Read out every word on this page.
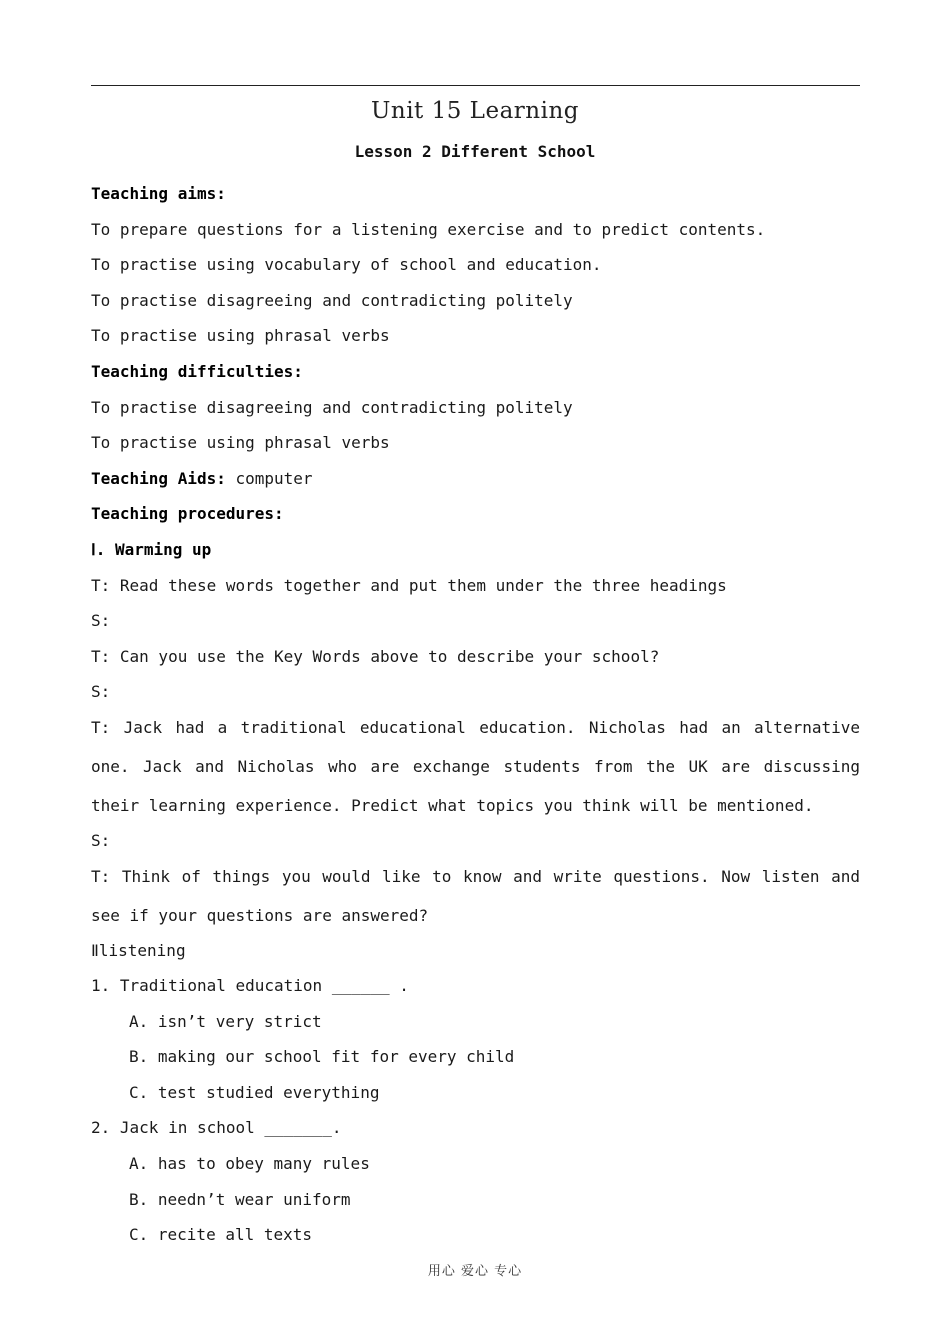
Unit 15 Learning
Lesson 2 Different School
Teaching aims:
To prepare questions for a listening exercise and to predict contents.
To practise using vocabulary of school and education.
To practise disagreeing and contradicting politely
To practise using phrasal verbs
Teaching difficulties:
To practise disagreeing and contradicting politely
To practise using phrasal verbs
Teaching Aids: computer
Teaching procedures:
Ⅰ. Warming up
T: Read these words together and put them under the three headings
S:
T: Can you use the Key Words above to describe your school?
S:
T: Jack had a traditional educational education. Nicholas had an alternative one. Jack and Nicholas who are exchange students from the UK are discussing their learning experience. Predict what topics you think will be mentioned.
S:
T: Think of things you would like to know and write questions. Now listen and see if your questions are answered?
Ⅱlistening
1. Traditional education ______ .
A. isn’t very strict
B. making our school fit for every child
C. test studied everything
2. Jack in school _______.
A. has to obey many rules
B. needn’t wear uniform
C. recite all texts
用心 爱心 专心
